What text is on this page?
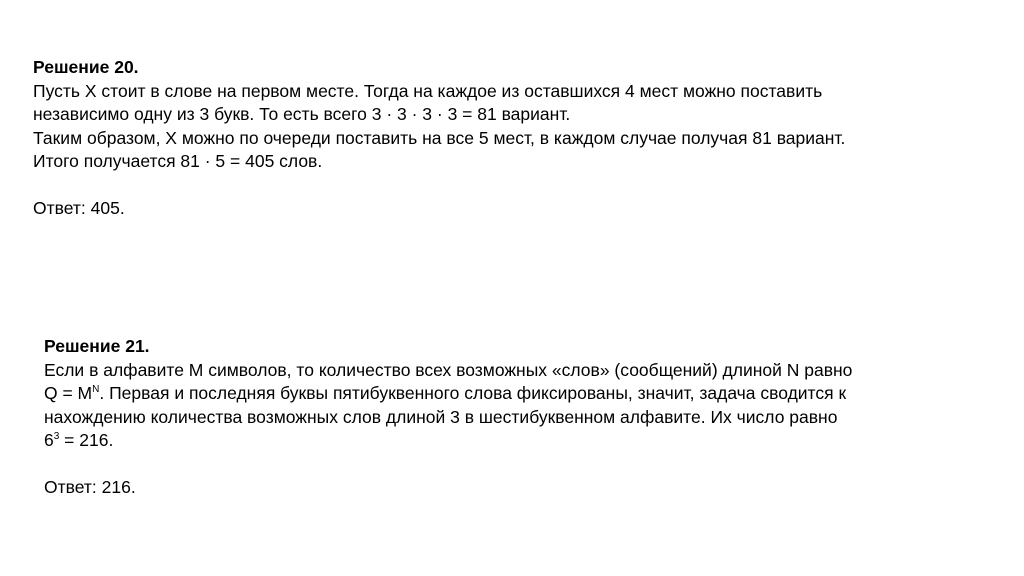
Решение 20.
Пусть Х стоит в слове на первом месте. Тогда на каждое из оставшихся 4 мест можно поставить
независимо одну из 3 букв. То есть всего 3 · 3 · 3 · 3 = 81 вариант.
Таким образом, Х можно по очереди поставить на все 5 мест, в каждом случае получая 81 вариант.
Итого получается 81 · 5 = 405 слов.
Ответ: 405.
Решение 21.
Если в алфавите M символов, то количество всех возможных «слов» (сообщений) длиной N равно
$Q = M^N$. Первая и последняя буквы пятибуквенного слова фиксированы, значит, задача сводится к
нахождению количества возможных слов длиной 3 в шестибуквенном алфавите. Их число равно
$6^3 = 216$.
Ответ: 216.
